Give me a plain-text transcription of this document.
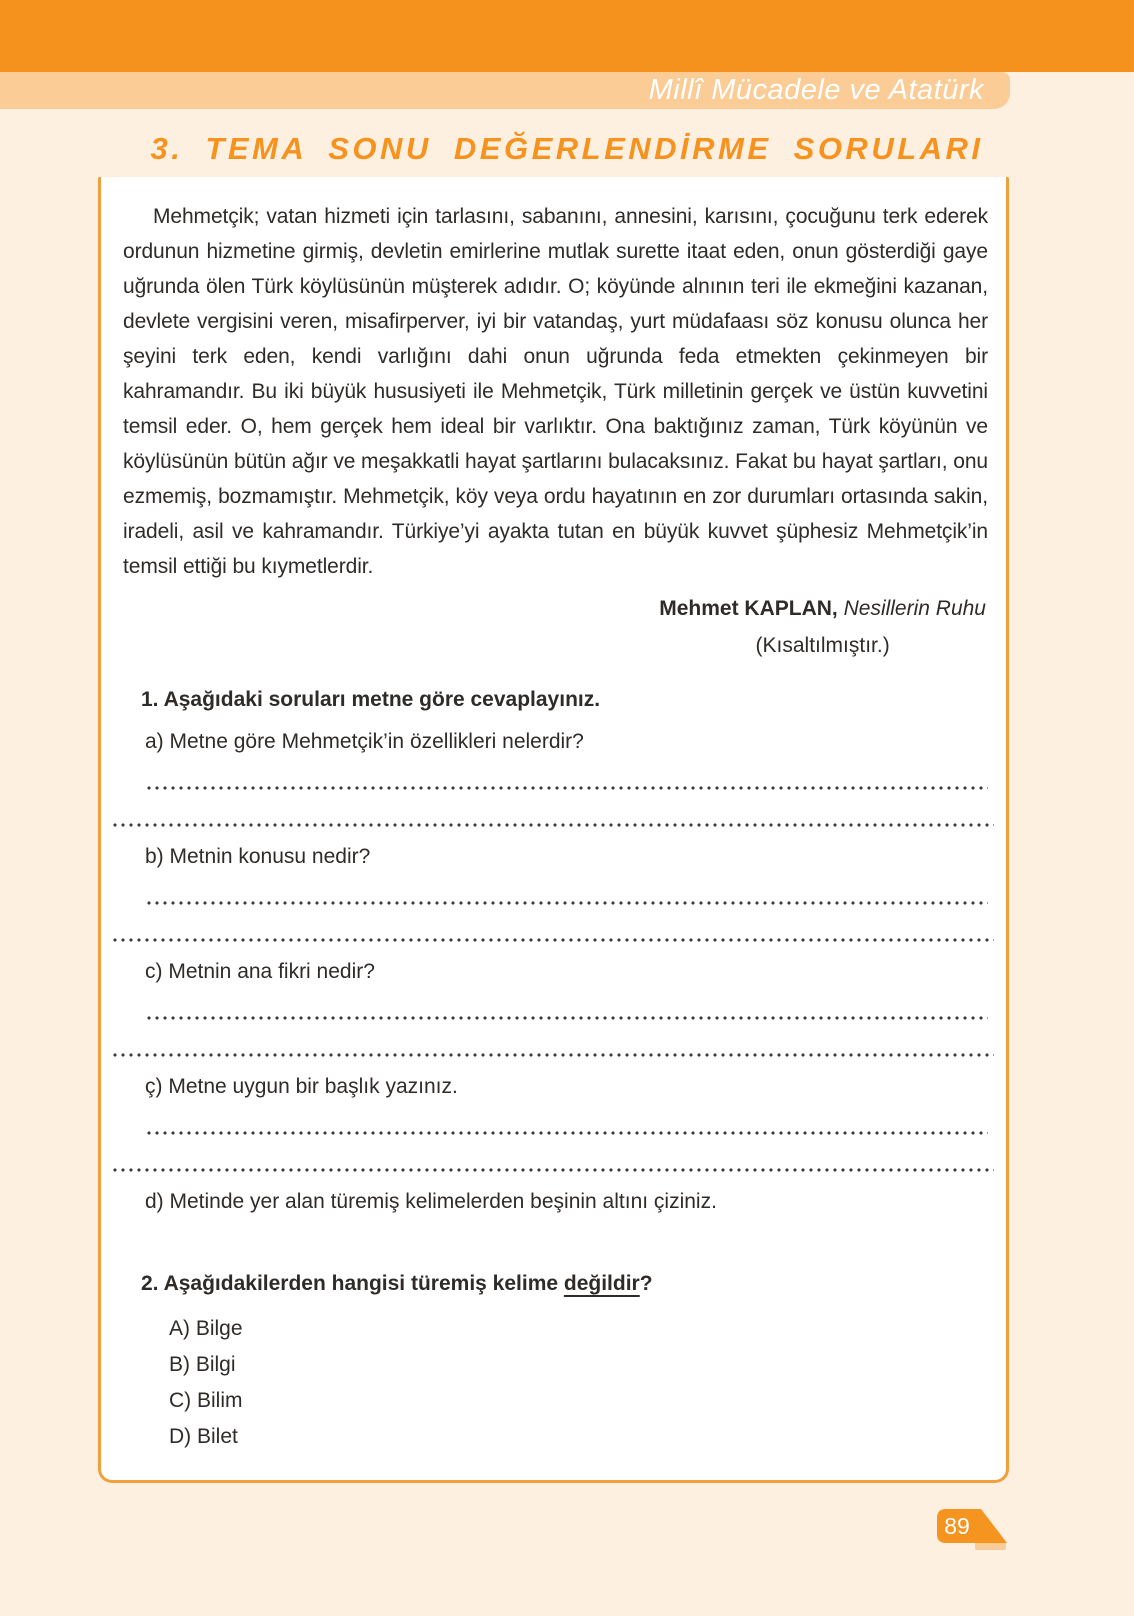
Millî Mücadele ve Atatürk
3. TEMA SONU DEĞERLENDİRME SORULARI

Mehmetçik; vatan hizmeti için tarlasını, sabanını, annesini, karısını, çocuğunu terk ederek ordunun hizmetine girmiş, devletin emirlerine mutlak surette itaat eden, onun gösterdiği gaye uğrunda ölen Türk köylüsünün müşterek adıdır. O; köyünde alnının teri ile ekmeğini kazanan, devlete vergisini veren, misafirperver, iyi bir vatandaş, yurt müdafaası söz konusu olunca her şeyini terk eden, kendi varlığını dahi onun uğrunda feda etmekten çekinmeyen bir kahramandır. Bu iki büyük hususiyeti ile Mehmetçik, Türk milletinin gerçek ve üstün kuvvetini temsil eder. O, hem gerçek hem ideal bir varlıktır. Ona baktığınız zaman, Türk köyünün ve köylüsünün bütün ağır ve meşakkatli hayat şartlarını bulacaksınız. Fakat bu hayat şartları, onu ezmemiş, bozmamıştır. Mehmetçik, köy veya ordu hayatının en zor durumları ortasında sakin, iradeli, asil ve kahramandır. Türkiye’yi ayakta tutan en büyük kuvvet şüphesiz Mehmetçik’in temsil ettiği bu kıymetlerdir.

Mehmet KAPLAN, Nesillerin Ruhu
(Kısaltılmıştır.)
1. Aşağıdaki soruları metne göre cevaplayınız.
a) Metne göre Mehmetçik’in özellikleri nelerdir?
b) Metnin konusu nedir?
c) Metnin ana fikri nedir?
ç) Metne uygun bir başlık yazınız.
d) Metinde yer alan türemiş kelimelerden beşinin altını çiziniz.
2. Aşağıdakilerden hangisi türemiş kelime değildir?
A) Bilge
B) Bilgi
C) Bilim
D) Bilet
89
